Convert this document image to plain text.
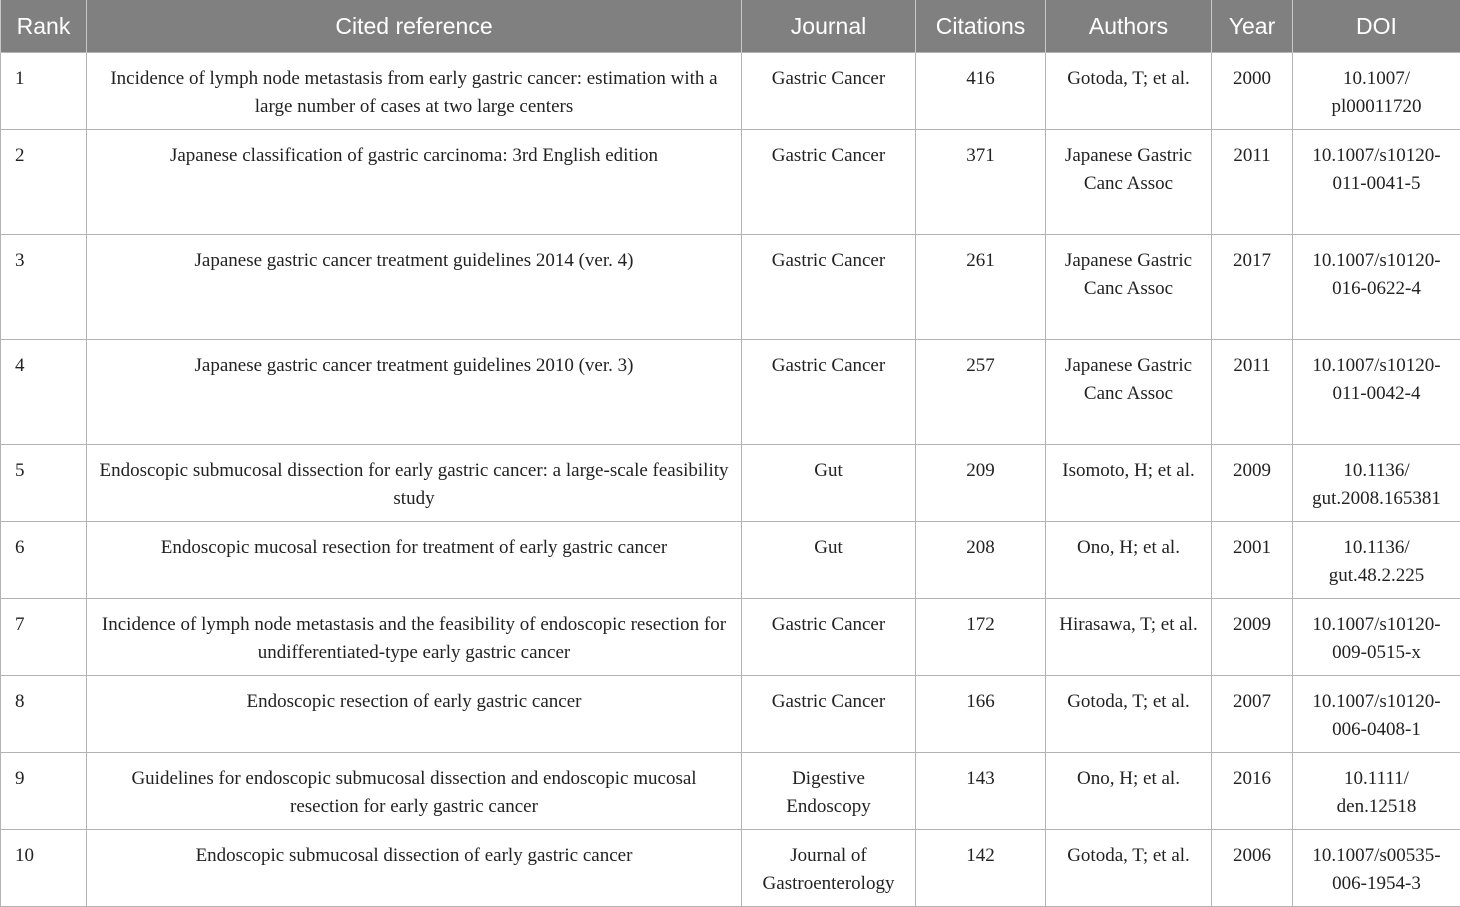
Rank	Cited reference	Journal	Citations	Authors	Year	DOI
1	Incidence of lymph node metastasis from early gastric cancer: estimation with a large number of cases at two large centers	Gastric Cancer	416	Gotoda, T; et al.	2000	10.1007/ pl00011720
2	Japanese classification of gastric carcinoma: 3rd English edition	Gastric Cancer	371	Japanese Gastric Canc Assoc	2011	10.1007/s10120-011-0041-5
3	Japanese gastric cancer treatment guidelines 2014 (ver. 4)	Gastric Cancer	261	Japanese Gastric Canc Assoc	2017	10.1007/s10120-016-0622-4
4	Japanese gastric cancer treatment guidelines 2010 (ver. 3)	Gastric Cancer	257	Japanese Gastric Canc Assoc	2011	10.1007/s10120-011-0042-4
5	Endoscopic submucosal dissection for early gastric cancer: a large-scale feasibility study	Gut	209	Isomoto, H; et al.	2009	10.1136/ gut.2008.165381
6	Endoscopic mucosal resection for treatment of early gastric cancer	Gut	208	Ono, H; et al.	2001	10.1136/ gut.48.2.225
7	Incidence of lymph node metastasis and the feasibility of endoscopic resection for undifferentiated-type early gastric cancer	Gastric Cancer	172	Hirasawa, T; et al.	2009	10.1007/s10120-009-0515-x
8	Endoscopic resection of early gastric cancer	Gastric Cancer	166	Gotoda, T; et al.	2007	10.1007/s10120-006-0408-1
9	Guidelines for endoscopic submucosal dissection and endoscopic mucosal resection for early gastric cancer	Digestive Endoscopy	143	Ono, H; et al.	2016	10.1111/ den.12518
10	Endoscopic submucosal dissection of early gastric cancer	Journal of Gastroenterology	142	Gotoda, T; et al.	2006	10.1007/s00535-006-1954-3
